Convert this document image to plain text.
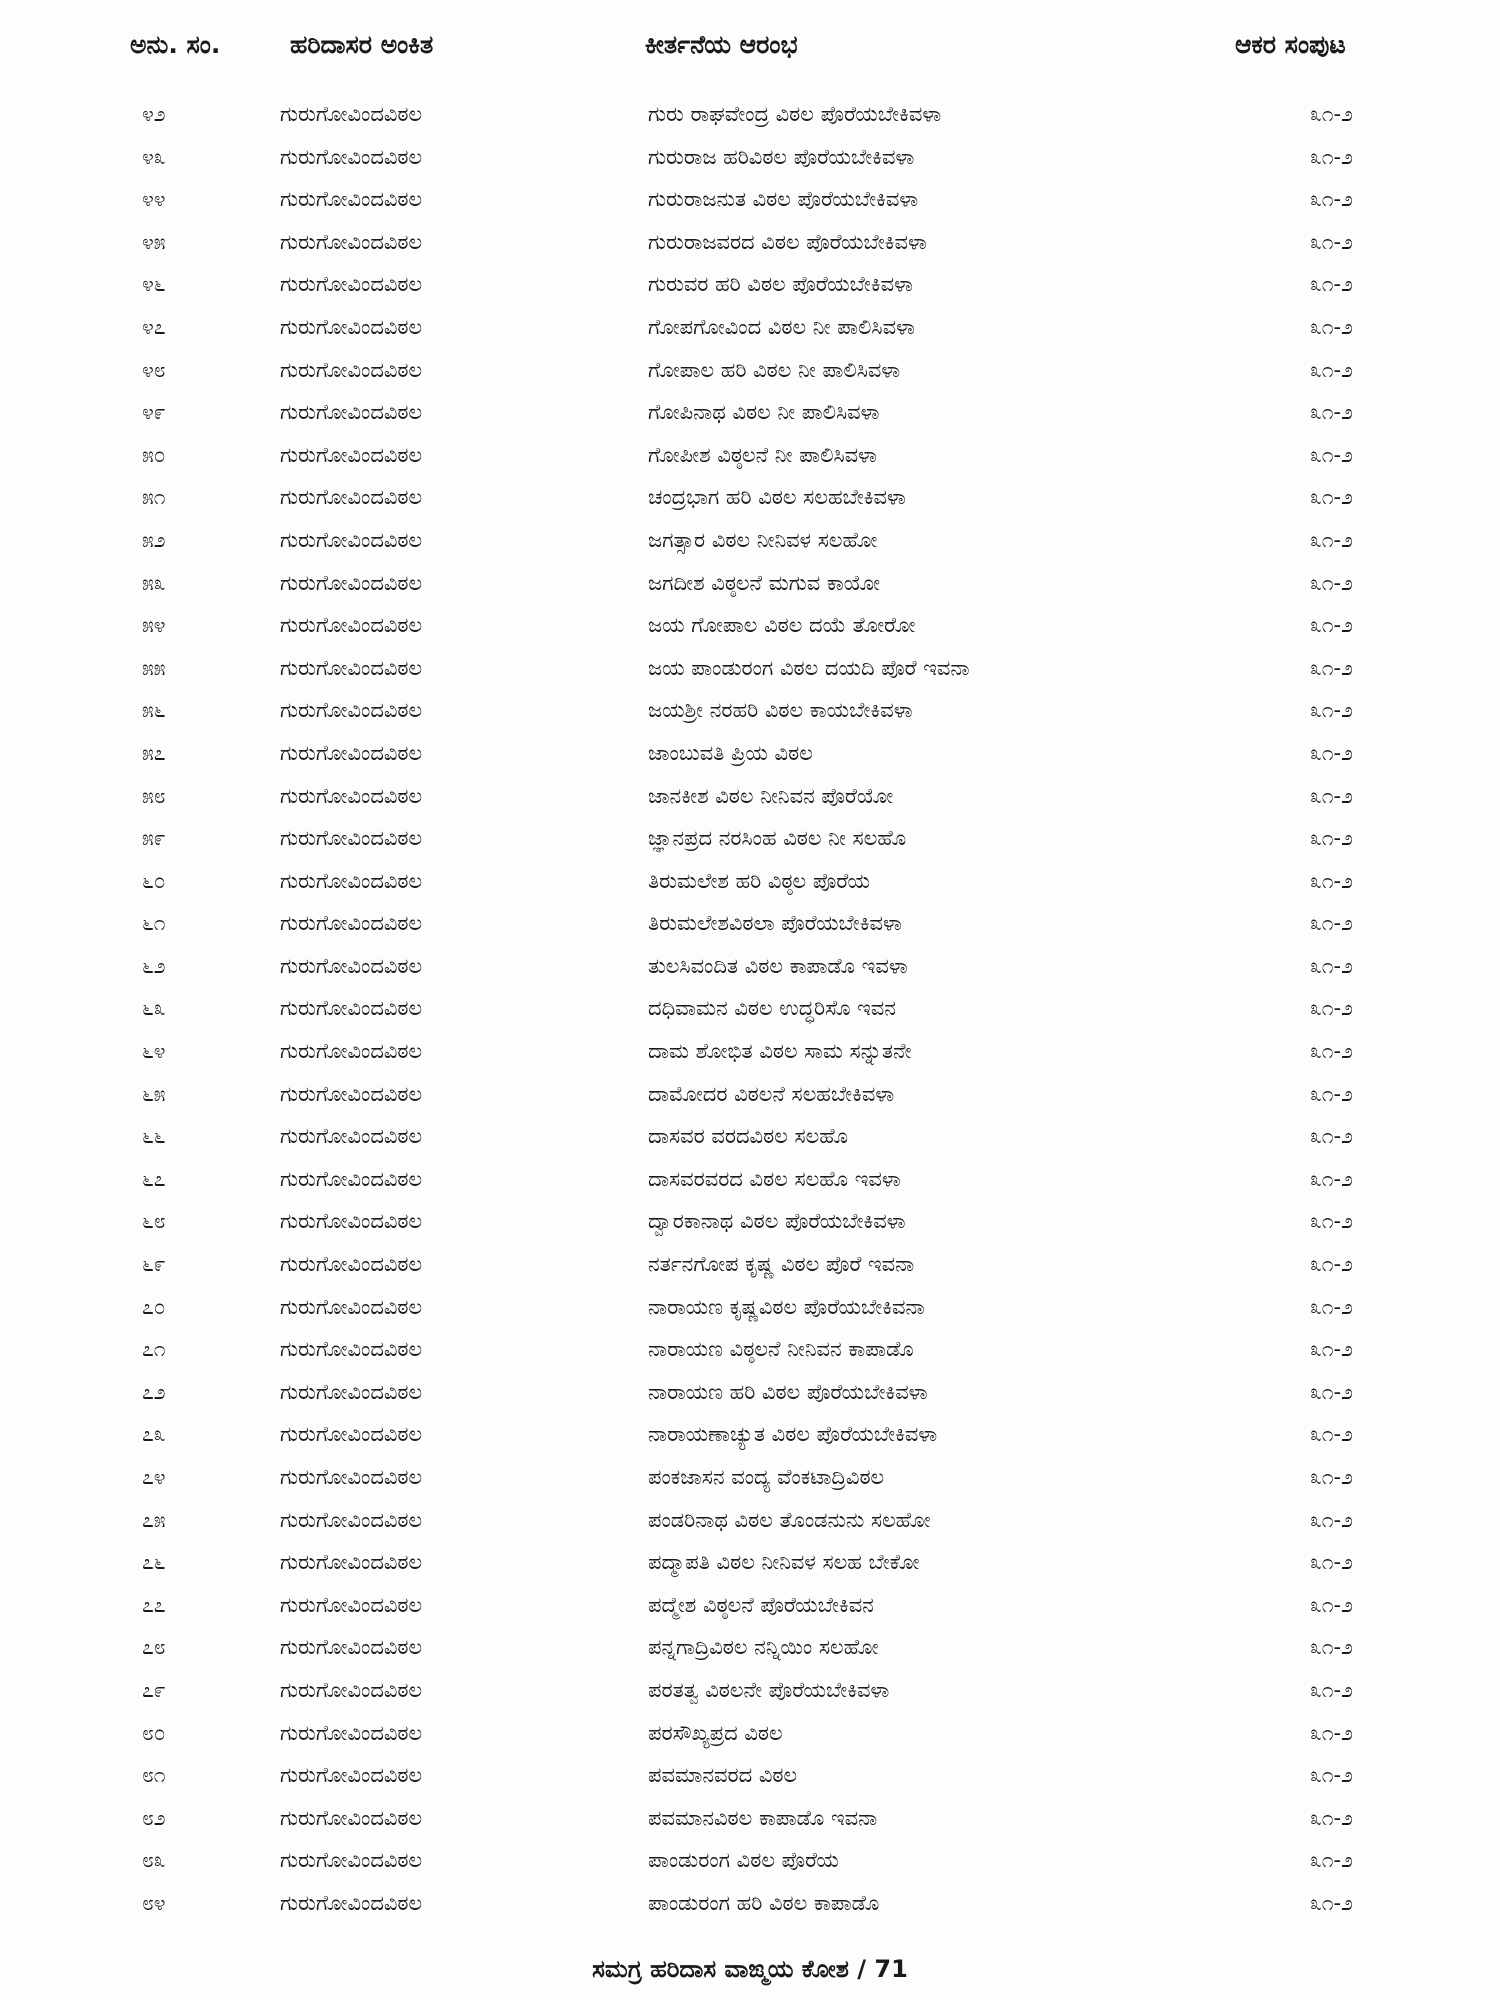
ಅನು. ಸಂ.	ಹರಿದಾಸರ ಅಂಕಿತ	ಕೀರ್ತನೆಯ ಆರಂಭ	ಆಕರ ಸಂಪುಟ
೪೨	ಗುರುಗೋವಿಂದವಿಠಲ	ಗುರು ರಾಘವೇಂದ್ರ ವಿಠಲ ಪೊರೆಯಬೇಕಿವಳಾ	೩೧-೨
೪೩	ಗುರುಗೋವಿಂದವಿಠಲ	ಗುರುರಾಜ ಹರಿವಿಠಲ ಪೊರೆಯಬೇಕಿವಳಾ	೩೧-೨
೪೪	ಗುರುಗೋವಿಂದವಿಠಲ	ಗುರುರಾಜನುತ ವಿಠಲ ಪೊರೆಯಬೇಕಿವಳಾ	೩೧-೨
೪೫	ಗುರುಗೋವಿಂದವಿಠಲ	ಗುರುರಾಜವರದ ವಿಠಲ ಪೊರೆಯಬೇಕಿವಳಾ	೩೧-೨
೪೬	ಗುರುಗೋವಿಂದವಿಠಲ	ಗುರುವರ ಹರಿ ವಿಠಲ ಪೊರೆಯಬೇಕಿವಳಾ	೩೧-೨
೪೭	ಗುರುಗೋವಿಂದವಿಠಲ	ಗೋಪಗೋವಿಂದ ವಿಠಲ ನೀ ಪಾಲಿಸಿವಳಾ	೩೧-೨
೪೮	ಗುರುಗೋವಿಂದವಿಠಲ	ಗೋಪಾಲ ಹರಿ ವಿಠಲ ನೀ ಪಾಲಿಸಿವಳಾ	೩೧-೨
೪೯	ಗುರುಗೋವಿಂದವಿಠಲ	ಗೋಪಿನಾಥ ವಿಠಲ ನೀ ಪಾಲಿಸಿವಳಾ	೩೧-೨
೫೦	ಗುರುಗೋವಿಂದವಿಠಲ	ಗೋಪೀಶ ವಿಠ್ಠಲನೆ ನೀ ಪಾಲಿಸಿವಳಾ	೩೧-೨
೫೧	ಗುರುಗೋವಿಂದವಿಠಲ	ಚಂದ್ರಭಾಗ ಹರಿ ವಿಠಲ ಸಲಹಬೇಕಿವಳಾ	೩೧-೨
೫೨	ಗುರುಗೋವಿಂದವಿಠಲ	ಜಗತ್ಸಾರ ವಿಠಲ ನೀನಿವಳ ಸಲಹೋ	೩೧-೨
೫೩	ಗುರುಗೋವಿಂದವಿಠಲ	ಜಗದೀಶ ವಿಠ್ಠಲನೆ ಮಗುವ ಕಾಯೋ	೩೧-೨
೫೪	ಗುರುಗೋವಿಂದವಿಠಲ	ಜಯ ಗೋಪಾಲ ವಿಠಲ ದಯೆ ತೋರೋ	೩೧-೨
೫೫	ಗುರುಗೋವಿಂದವಿಠಲ	ಜಯ ಪಾಂಡುರಂಗ ವಿಠಲ ದಯದಿ ಪೊರೆ ಇವನಾ	೩೧-೨
೫೬	ಗುರುಗೋವಿಂದವಿಠಲ	ಜಯಶ್ರೀ ನರಹರಿ ವಿಠಲ ಕಾಯಬೇಕಿವಳಾ	೩೧-೨
೫೭	ಗುರುಗೋವಿಂದವಿಠಲ	ಜಾಂಬುವತಿ ಪ್ರಿಯ ವಿಠಲ	೩೧-೨
೫೮	ಗುರುಗೋವಿಂದವಿಠಲ	ಜಾನಕೀಶ ವಿಠಲ ನೀನಿವನ ಪೊರೆಯೋ	೩೧-೨
೫೯	ಗುರುಗೋವಿಂದವಿಠಲ	ಜ್ಞಾನಪ್ರದ ನರಸಿಂಹ ವಿಠಲ ನೀ ಸಲಹೊ	೩೧-೨
೬೦	ಗುರುಗೋವಿಂದವಿಠಲ	ತಿರುಮಲೇಶ ಹರಿ ವಿಠ್ಠಲ ಪೊರೆಯ	೩೧-೨
೬೧	ಗುರುಗೋವಿಂದವಿಠಲ	ತಿರುಮಲೇಶವಿಠಲಾ ಪೊರೆಯಬೇಕಿವಳಾ	೩೧-೨
೬೨	ಗುರುಗೋವಿಂದವಿಠಲ	ತುಲಸಿವಂದಿತ ವಿಠಲ ಕಾಪಾಡೊ ಇವಳಾ	೩೧-೨
೬೩	ಗುರುಗೋವಿಂದವಿಠಲ	ದಧಿವಾಮನ ವಿಠಲ ಉದ್ಧರಿಸೊ ಇವನ	೩೧-೨
೬೪	ಗುರುಗೋವಿಂದವಿಠಲ	ದಾಮ ಶೋಭಿತ ವಿಠಲ ಸಾಮ ಸನ್ನುತನೇ	೩೧-೨
೬೫	ಗುರುಗೋವಿಂದವಿಠಲ	ದಾಮೋದರ ವಿಠಲನೆ ಸಲಹಬೇಕಿವಳಾ	೩೧-೨
೬೬	ಗುರುಗೋವಿಂದವಿಠಲ	ದಾಸವರ ವರದವಿಠಲ ಸಲಹೊ	೩೧-೨
೬೭	ಗುರುಗೋವಿಂದವಿಠಲ	ದಾಸವರವರದ ವಿಠಲ ಸಲಹೊ ಇವಳಾ	೩೧-೨
೬೮	ಗುರುಗೋವಿಂದವಿಠಲ	ದ್ವಾರಕಾನಾಥ ವಿಠಲ ಪೊರೆಯಬೇಕಿವಳಾ	೩೧-೨
೬೯	ಗುರುಗೋವಿಂದವಿಠಲ	ನರ್ತನಗೋಪ ಕೃಷ್ಣ ವಿಠಲ ಪೊರೆ ಇವನಾ	೩೧-೨
೭೦	ಗುರುಗೋವಿಂದವಿಠಲ	ನಾರಾಯಣ ಕೃಷ್ಣವಿಠಲ ಪೊರೆಯಬೇಕಿವನಾ	೩೧-೨
೭೧	ಗುರುಗೋವಿಂದವಿಠಲ	ನಾರಾಯಣ ವಿಠ್ಠಲನೆ ನೀನಿವನ ಕಾಪಾಡೊ	೩೧-೨
೭೨	ಗುರುಗೋವಿಂದವಿಠಲ	ನಾರಾಯಣ ಹರಿ ವಿಠಲ ಪೊರೆಯಬೇಕಿವಳಾ	೩೧-೨
೭೩	ಗುರುಗೋವಿಂದವಿಠಲ	ನಾರಾಯಣಾಚ್ಯುತ ವಿಠಲ ಪೊರೆಯಬೇಕಿವಳಾ	೩೧-೨
೭೪	ಗುರುಗೋವಿಂದವಿಠಲ	ಪಂಕಜಾಸನ ವಂದ್ಯ ವೆಂಕಟಾದ್ರಿವಿಠಲ	೩೧-೨
೭೫	ಗುರುಗೋವಿಂದವಿಠಲ	ಪಂಡರಿನಾಥ ವಿಠಲ ತೊಂಡನುನು ಸಲಹೋ	೩೧-೨
೭೬	ಗುರುಗೋವಿಂದವಿಠಲ	ಪದ್ಮಾಪತಿ ವಿಠಲ ನೀನಿವಳ ಸಲಹ ಬೇಕೋ	೩೧-೨
೭೭	ಗುರುಗೋವಿಂದವಿಠಲ	ಪದ್ಮೇಶ ವಿಠ್ಠಲನೆ ಪೊರೆಯಬೇಕಿವನ	೩೧-೨
೭೮	ಗುರುಗೋವಿಂದವಿಠಲ	ಪನ್ನಗಾದ್ರಿವಿಠಲ ನನ್ನಿಯಿಂ ಸಲಹೋ	೩೧-೨
೭೯	ಗುರುಗೋವಿಂದವಿಠಲ	ಪರತತ್ವ ವಿಠಲನೇ ಪೊರೆಯಬೇಕಿವಳಾ	೩೧-೨
೮೦	ಗುರುಗೋವಿಂದವಿಠಲ	ಪರಸೌಖ್ಯಪ್ರದ ವಿಠಲ	೩೧-೨
೮೧	ಗುರುಗೋವಿಂದವಿಠಲ	ಪವಮಾನವರದ ವಿಠಲ	೩೧-೨
೮೨	ಗುರುಗೋವಿಂದವಿಠಲ	ಪವಮಾನವಿಠಲ ಕಾಪಾಡೊ ಇವನಾ	೩೧-೨
೮೩	ಗುರುಗೋವಿಂದವಿಠಲ	ಪಾಂಡುರಂಗ ವಿಠಲ ಪೊರೆಯ	೩೧-೨
೮೪	ಗುರುಗೋವಿಂದವಿಠಲ	ಪಾಂಡುರಂಗ ಹರಿ ವಿಠಲ ಕಾಪಾಡೊ	೩೧-೨
ಸಮಗ್ರ ಹರಿದಾಸ ವಾಙ್ಮಯ ಕೋಶ / 71
